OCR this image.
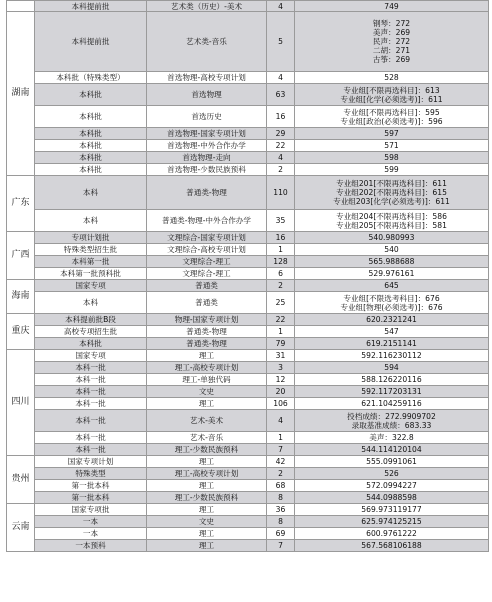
	本科提前批	艺术类（历史）-美术	4	749

湖南	本科提前批	艺术类-音乐	5	钢琴：272
美声：269
民声：272
二胡：271
古筝：269

	本科批（特殊类型）	首选物理-高校专项计划	4	528

	本科批	首选物理	63	专业组[不限再选科目]：613
专业组[化学(必须选考)]：611

	本科批	首选历史	16	专业组[不限再选科目]：595
专业组[政治(必须选考)]：596

	本科批	首选物理-国家专项计划	29	597

	本科批	首选物理-中外合作办学	22	571

	本科批	首选物理-走向	4	598

	本科批	首选物理-少数民族预科	2	599

广东	本科	普通类-物理	110	专业组201[不限再选科目]：611
专业组202[不限再选科目]：615
专业组203[化学(必须选考)]：611

	本科	普通类-物理-中外合作办学	35	专业组204[不限再选科目]：586
专业组205[不限再选科目]：581

广西	专项计划批	文理综合-国家专项计划	16	540.980993

	特殊类型招生批	文理综合-高校专项计划	1	540

	本科第一批	文理综合-理工	128	565.988688

	本科第一批预科批	文理综合-理工	6	529.976161

海南	国家专项	普通类	2	645

	本科	普通类	25	专业组[不限选考科目]：676
专业组[物理(必须选考)]：676

重庆	本科提前批B段	物理-国家专项计划	22	620.2321241

	高校专项招生批	普通类-物理	1	547

	本科批	普通类-物理	79	619.2151141

四川	国家专项	理工	31	592.116230112

	本科一批	理工-高校专项计划	3	594

	本科一批	理工-单独代码	12	588.126220116

	本科一批	文史	20	592.117203131

	本科一批	理工	106	621.104259116

	本科一批	艺术-美术	4	投档成绩：272.9909702
录取基准成绩：683.33

	本科一批	艺术-音乐	1	美声：322.8

	本科一批	理工-少数民族预科	7	544.114120104

贵州	国家专项计划	理工	42	555.0991061

	特殊类型	理工-高校专项计划	2	526

	第一批本科	理工	68	572.0994227

	第一批本科	理工-少数民族预科	8	544.0988598

云南	国家专项批	理工	36	569.973119177

	一本	文史	8	625.974125215

	一本	理工	69	600.9761222

	一本预科	理工	7	567.568106188
